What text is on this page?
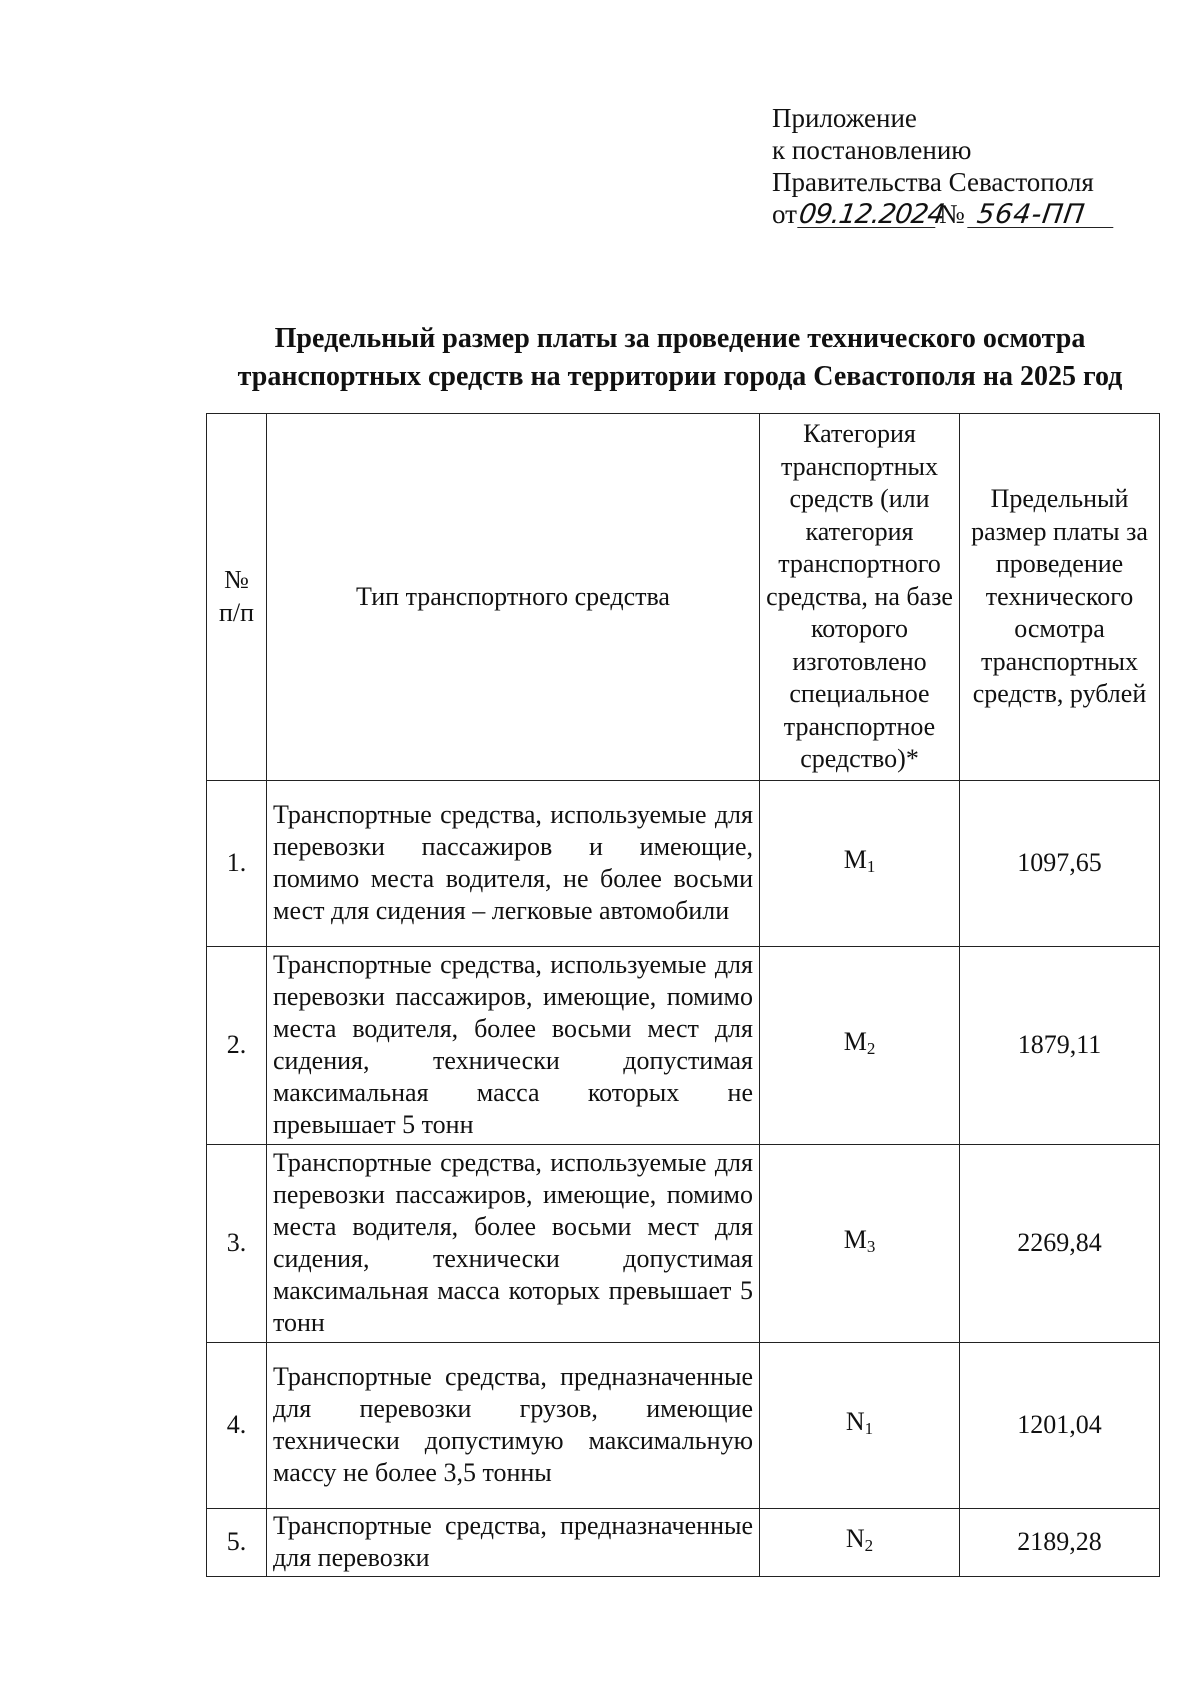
Приложение
к постановлению
Правительства Севастополя
от09.12.2024№ 564-ПП
Предельный размер платы за проведение технического осмотра
транспортных средств на территории города Севастополя на 2025 год
№ п/п	Тип транспортного средства	Категория транспортных средств (или категория транспортного средства, на базе которого изготовлено специальное транспортное средство)*	Предельный размер платы за проведение технического осмотра транспортных средств, рублей
1.	Транспортные средства, используемые для перевозки пассажиров и имеющие, помимо места водителя, не более восьми мест для сидения – легковые автомобили	M1	1097,65
2.	Транспортные средства, используемые для перевозки пассажиров, имеющие, помимо места водителя, более восьми мест для сидения, технически допустимая максимальная масса которых не превышает 5 тонн	M2	1879,11
3.	Транспортные средства, используемые для перевозки пассажиров, имеющие, помимо места водителя, более восьми мест для сидения, технически допустимая максимальная масса которых превышает 5 тонн	M3	2269,84
4.	Транспортные средства, предназначенные для перевозки грузов, имеющие технически допустимую максимальную массу не более 3,5 тонны	N1	1201,04
5.	Транспортные средства, предназначенные для перевозки	N2	2189,28
